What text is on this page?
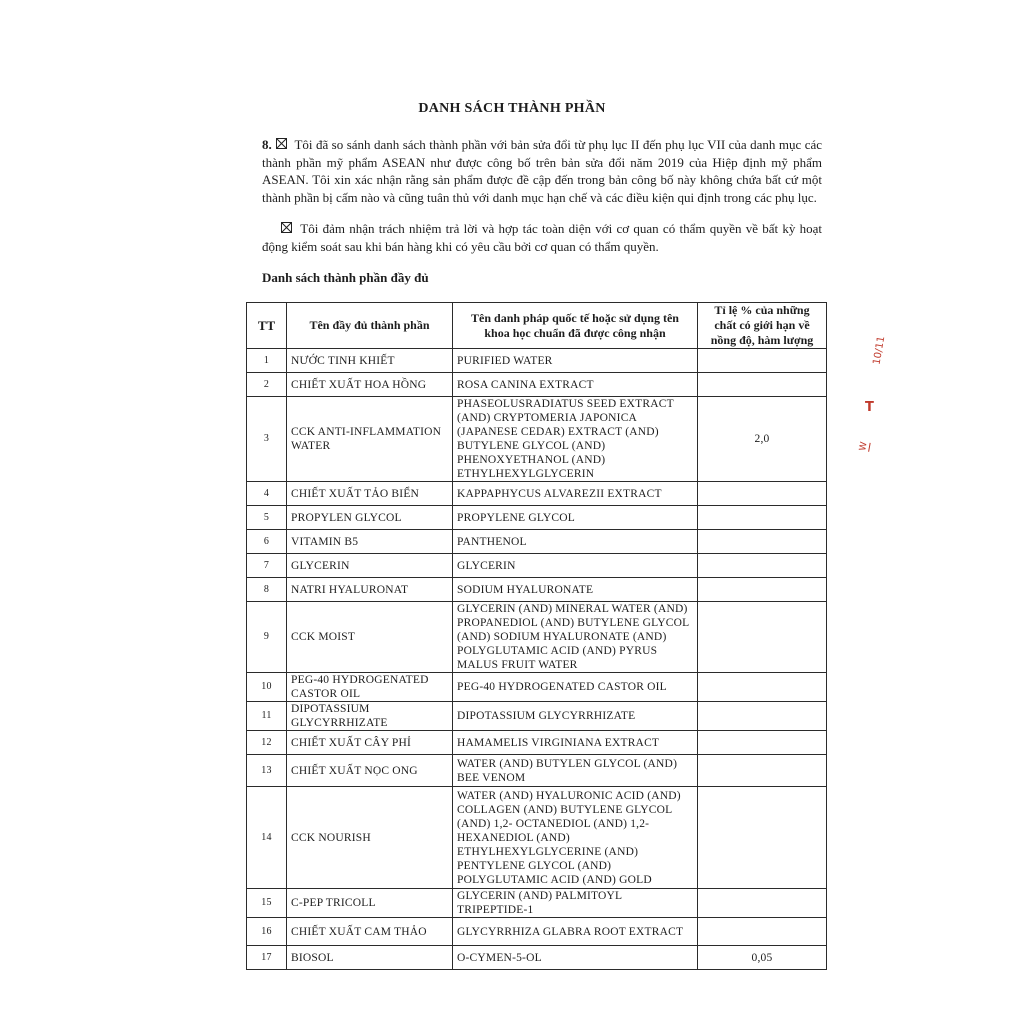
DANH SÁCH THÀNH PHẦN
8. Tôi đã so sánh danh sách thành phần với bản sửa đổi từ phụ lục II đến phụ lục VII của danh mục các thành phần mỹ phẩm ASEAN như được công bố trên bản sửa đổi năm 2019 của Hiệp định mỹ phẩm ASEAN. Tôi xin xác nhận rằng sản phẩm được đề cập đến trong bản công bố này không chứa bất cứ một thành phần bị cấm nào và cũng tuân thủ với danh mục hạn chế và các điều kiện qui định trong các phụ lục.
Tôi đảm nhận trách nhiệm trả lời và hợp tác toàn diện với cơ quan có thẩm quyền về bất kỳ hoạt động kiểm soát sau khi bán hàng khi có yêu cầu bởi cơ quan có thẩm quyền.
Danh sách thành phần đầy đủ
TT	Tên đầy đủ thành phần	Tên danh pháp quốc tế hoặc sử dụng tên khoa học chuẩn đã được công nhận	Tỉ lệ % của những chất có giới hạn về nồng độ, hàm lượng
1	NƯỚC TINH KHIẾT	PURIFIED WATER	
2	CHIẾT XUẤT HOA HỒNG	ROSA CANINA EXTRACT	
3	CCK ANTI-INFLAMMATION WATER	PHASEOLUSRADIATUS SEED EXTRACT (AND) CRYPTOMERIA JAPONICA (JAPANESE CEDAR) EXTRACT (AND) BUTYLENE GLYCOL (AND) PHENOXYETHANOL (AND) ETHYLHEXYLGLYCERIN	2,0
4	CHIẾT XUẤT TẢO BIỂN	KAPPAPHYCUS ALVAREZII EXTRACT	
5	PROPYLEN GLYCOL	PROPYLENE GLYCOL	
6	VITAMIN B5	PANTHENOL	
7	GLYCERIN	GLYCERIN	
8	NATRI HYALURONAT	SODIUM HYALURONATE	
9	CCK MOIST	GLYCERIN (AND) MINERAL WATER (AND) PROPANEDIOL (AND) BUTYLENE GLYCOL (AND) SODIUM HYALURONATE (AND) POLYGLUTAMIC ACID (AND) PYRUS MALUS FRUIT WATER	
10	PEG-40 HYDROGENATED CASTOR OIL	PEG-40 HYDROGENATED CASTOR OIL	
11	DIPOTASSIUM GLYCYRRHIZATE	DIPOTASSIUM GLYCYRRHIZATE	
12	CHIẾT XUẤT CÂY PHỈ	HAMAMELIS VIRGINIANA EXTRACT	
13	CHIẾT XUẤT NỌC ONG	WATER (AND) BUTYLEN GLYCOL (AND) BEE VENOM	
14	CCK NOURISH	WATER (AND) HYALURONIC ACID (AND) COLLAGEN (AND) BUTYLENE GLYCOL (AND) 1,2- OCTANEDIOL (AND) 1,2-HEXANEDIOL (AND) ETHYLHEXYLGLYCERINE (AND) PENTYLENE GLYCOL (AND) POLYGLUTAMIC ACID (AND) GOLD	
15	C-PEP TRICOLL	GLYCERIN (AND) PALMITOYL TRIPEPTIDE-1	
16	CHIẾT XUẤT CAM THẢO	GLYCYRRHIZA GLABRA ROOT EXTRACT	
17	BIOSOL	O-CYMEN-5-OL	0,05
10/11
T
W
